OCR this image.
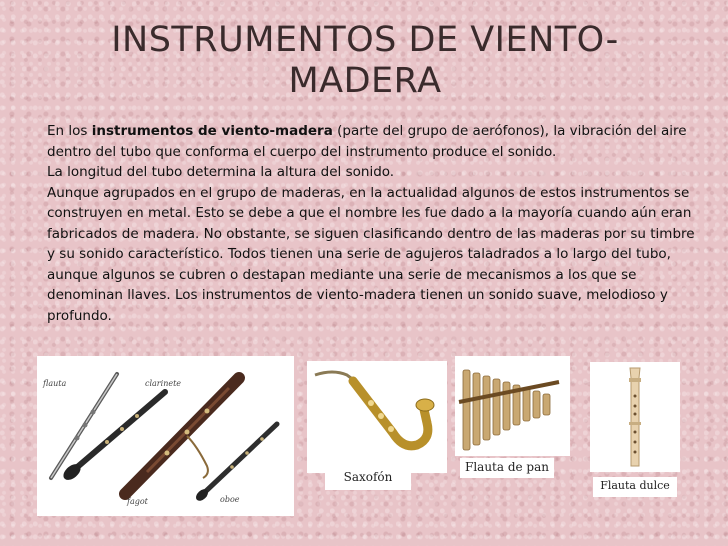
INSTRUMENTOS DE VIENTO-MADERA

En los instrumentos de viento-madera (parte del grupo de aerófonos), la vibración del aire dentro del tubo que conforma el cuerpo del instrumento produce el sonido.

La longitud del tubo determina la altura del sonido.

Aunque agrupados en el grupo de maderas, en la actualidad algunos de estos instrumentos se construyen en metal. Esto se debe a que el nombre les fue dado a la mayoría cuando aún eran fabricados de madera. No obstante, se siguen clasificando dentro de las maderas por su timbre y su sonido característico. Todos tienen una serie de agujeros taladrados a lo largo del tubo, aunque algunos se cubren o destapan mediante una serie de mecanismos a los que se denominan llaves. Los instrumentos de viento-madera tienen un sonido suave, melodioso y profundo.

flauta	clarinete
fagot	oboe
Saxofón
Flauta de pan
Flauta dulce
